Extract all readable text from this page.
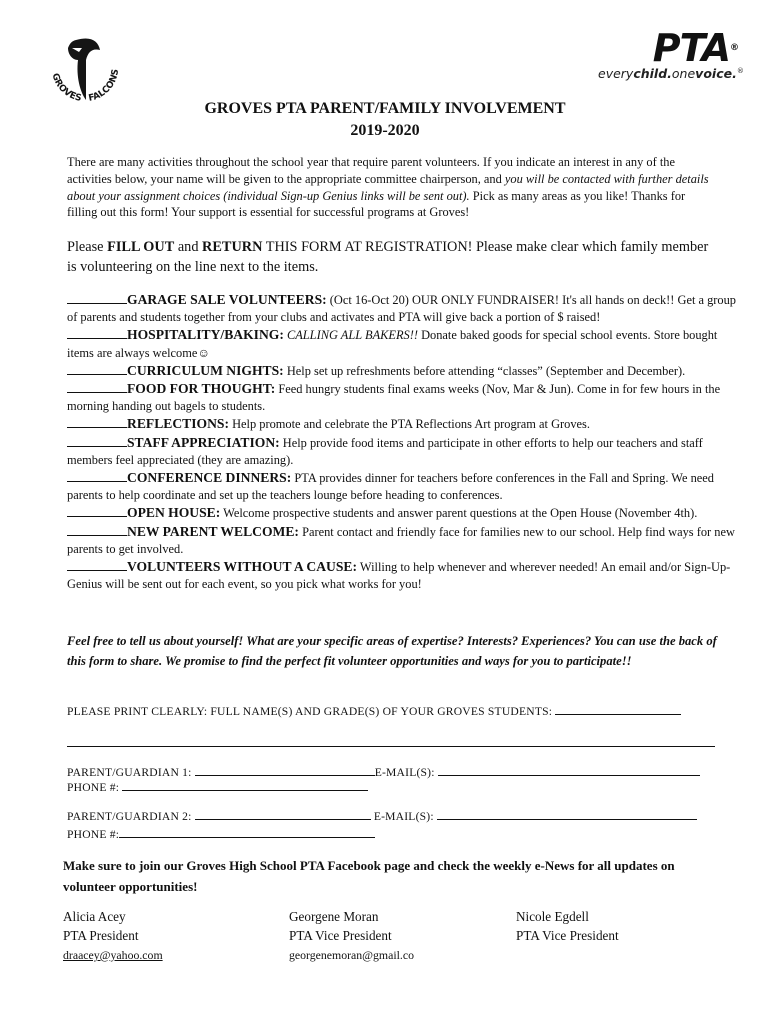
GROVES FALCONS
PTA®
everychild.onevoice.®
GROVES PTA PARENT/FAMILY INVOLVEMENT
2019-2020
There are many activities throughout the school year that require parent volunteers. If you indicate an interest in any of the activities below, your name will be given to the appropriate committee chairperson, and you will be contacted with further details about your assignment choices (individual Sign-up Genius links will be sent out). Pick as many areas as you like! Thanks for filling out this form! Your support is essential for successful programs at Groves!
Please FILL OUT and RETURN THIS FORM AT REGISTRATION! Please make clear which family member is volunteering on the line next to the items.

GARAGE SALE VOLUNTEERS: (Oct 16-Oct 20) OUR ONLY FUNDRAISER! It's all hands on deck!! Get a group of parents and students together from your clubs and activates and PTA will give back a portion of $ raised!

HOSPITALITY/BAKING: CALLING ALL BAKERS!! Donate baked goods for special school events. Store bought items are always welcome☺

CURRICULUM NIGHTS: Help set up refreshments before attending “classes” (September and December).

FOOD FOR THOUGHT: Feed hungry students final exams weeks (Nov, Mar & Jun). Come in for few hours in the morning handing out bagels to students.

REFLECTIONS: Help promote and celebrate the PTA Reflections Art program at Groves.

STAFF APPRECIATION: Help provide food items and participate in other efforts to help our teachers and staff members feel appreciated (they are amazing).

CONFERENCE DINNERS: PTA provides dinner for teachers before conferences in the Fall and Spring. We need parents to help coordinate and set up the teachers lounge before heading to conferences.

OPEN HOUSE: Welcome prospective students and answer parent questions at the Open House (November 4th).

NEW PARENT WELCOME: Parent contact and friendly face for families new to our school. Help find ways for new parents to get involved.

VOLUNTEERS WITHOUT A CAUSE: Willing to help whenever and wherever needed! An email and/or Sign-Up-Genius will be sent out for each event, so you pick what works for you!

Feel free to tell us about yourself! What are your specific areas of expertise? Interests? Experiences? You can use the back of this form to share. We promise to find the perfect fit volunteer opportunities and ways for you to participate!!
PLEASE PRINT CLEARLY: FULL NAME(S) AND GRADE(S) OF YOUR GROVES STUDENTS:
PARENT/GUARDIAN 1:	E-MAIL(S):
PHONE #:
PARENT/GUARDIAN 2:	E-MAIL(S):
PHONE #:
Make sure to join our Groves High School PTA Facebook page and check the weekly e-News for all updates on volunteer opportunities!
Alicia Acey
PTA President
draacey@yahoo.com
Georgene Moran
PTA Vice President
georgenemoran@gmail.co
Nicole Egdell
PTA Vice President
